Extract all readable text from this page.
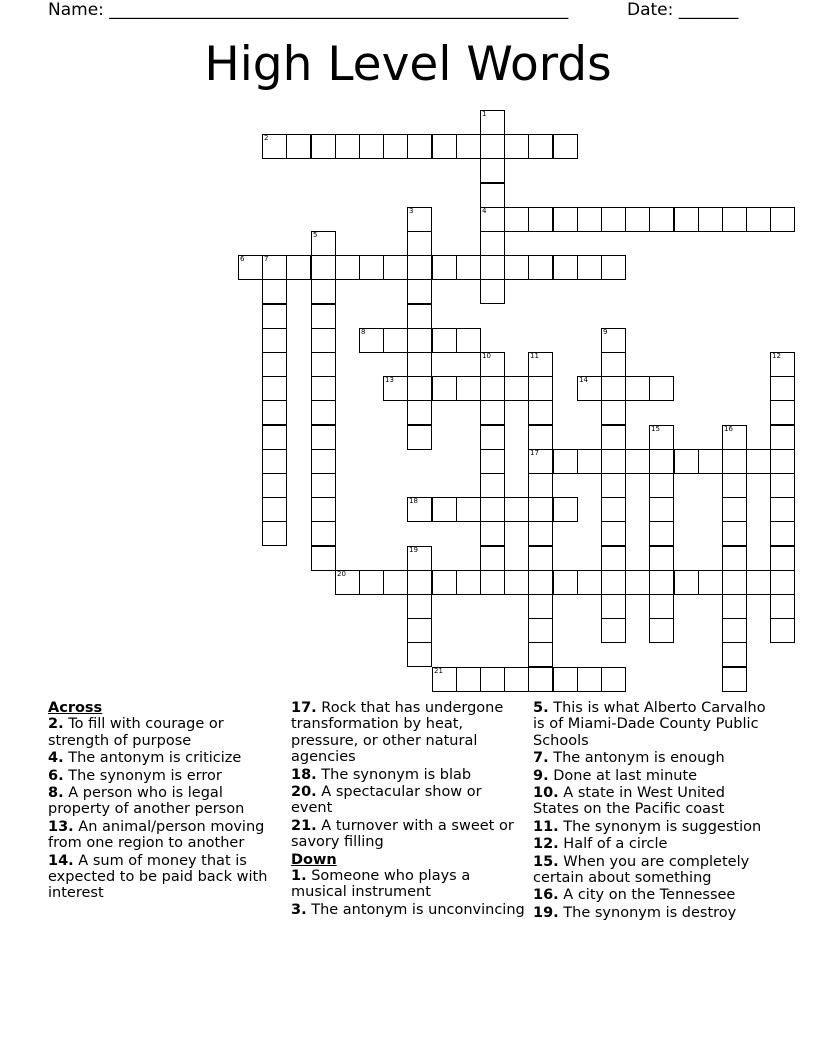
Name: ______________________________________________________	Date: _______
High Level Words
1
2
3	4
5
6	7
8	9
10	11	12
13	14
15	16
17
18
19
20
21
Across
2. To fill with courage or strength of purpose
4. The antonym is criticize
6. The synonym is error
8. A person who is legal property of another person
13. An animal/person moving from one region to another
14. A sum of money that is expected to be paid back with interest
17. Rock that has undergone transformation by heat, pressure, or other natural agencies
18. The synonym is blab
20. A spectacular show or event
21. A turnover with a sweet or savory filling
Down
1. Someone who plays a musical instrument
3. The antonym is unconvincing
5. This is what Alberto Carvalho is of Miami-Dade County Public Schools
7. The antonym is enough
9. Done at last minute
10. A state in West United States on the Pacific coast
11. The synonym is suggestion
12. Half of a circle
15. When you are completely certain about something
16. A city on the Tennessee
19. The synonym is destroy
